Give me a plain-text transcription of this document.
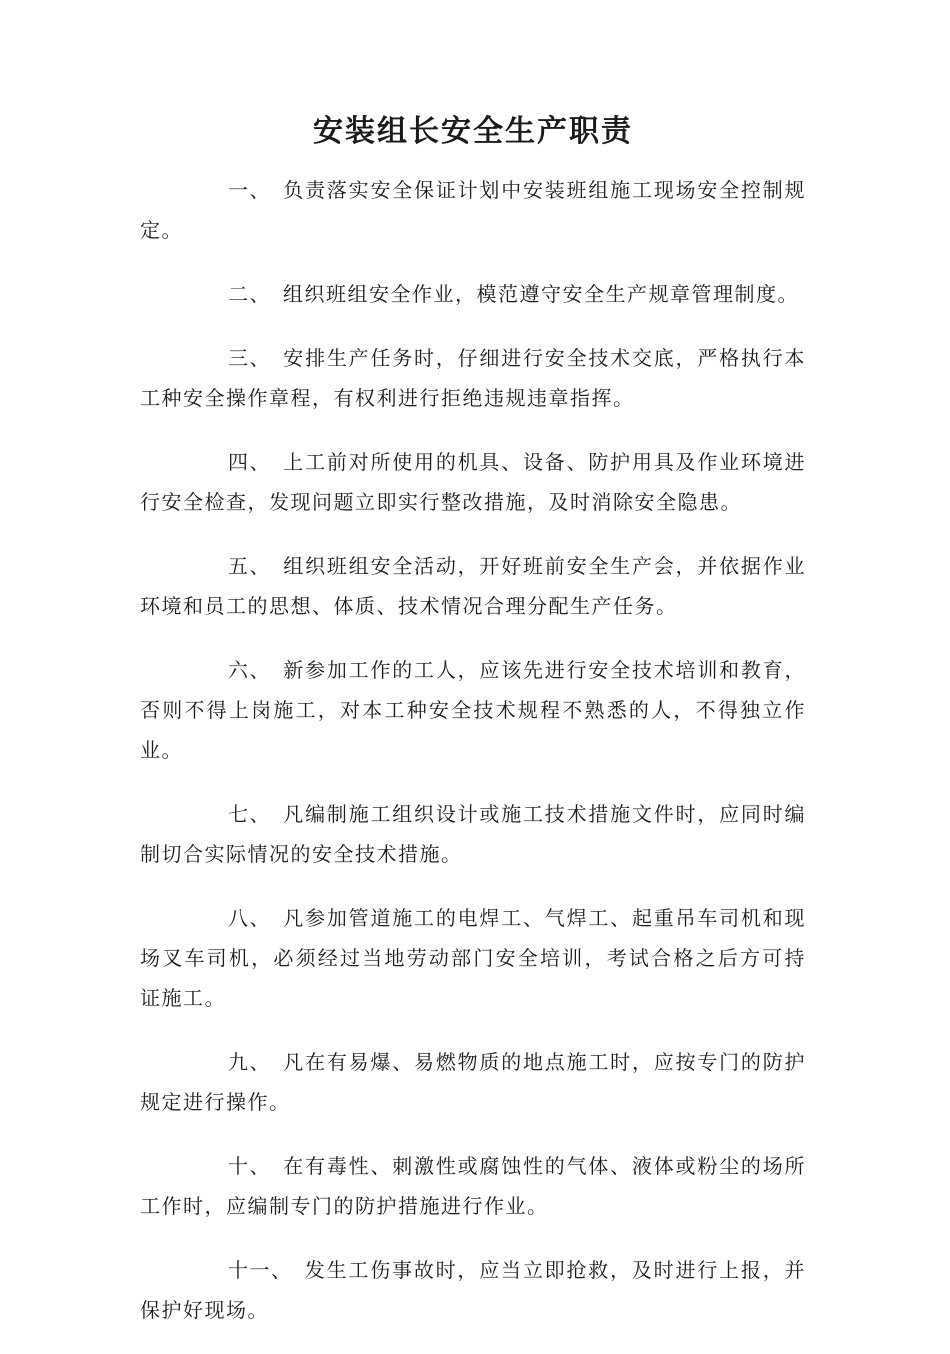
安装组长安全生产职责

一、 负责落实安全保证计划中安装班组施工现场安全控制规定。

二、 组织班组安全作业，模范遵守安全生产规章管理制度。

三、 安排生产任务时，仔细进行安全技术交底，严格执行本工种安全操作章程，有权利进行拒绝违规违章指挥。

四、 上工前对所使用的机具、设备、防护用具及作业环境进行安全检查，发现问题立即实行整改措施，及时消除安全隐患。

五、 组织班组安全活动，开好班前安全生产会，并依据作业环境和员工的思想、体质、技术情况合理分配生产任务。

六、 新参加工作的工人，应该先进行安全技术培训和教育，否则不得上岗施工，对本工种安全技术规程不熟悉的人，不得独立作业。

七、 凡编制施工组织设计或施工技术措施文件时，应同时编制切合实际情况的安全技术措施。

八、 凡参加管道施工的电焊工、气焊工、起重吊车司机和现场叉车司机，必须经过当地劳动部门安全培训，考试合格之后方可持证施工。

九、 凡在有易爆、易燃物质的地点施工时，应按专门的防护规定进行操作。

十、 在有毒性、刺激性或腐蚀性的气体、液体或粉尘的场所工作时，应编制专门的防护措施进行作业。

十一、 发生工伤事故时，应当立即抢救，及时进行上报，并保护好现场。
